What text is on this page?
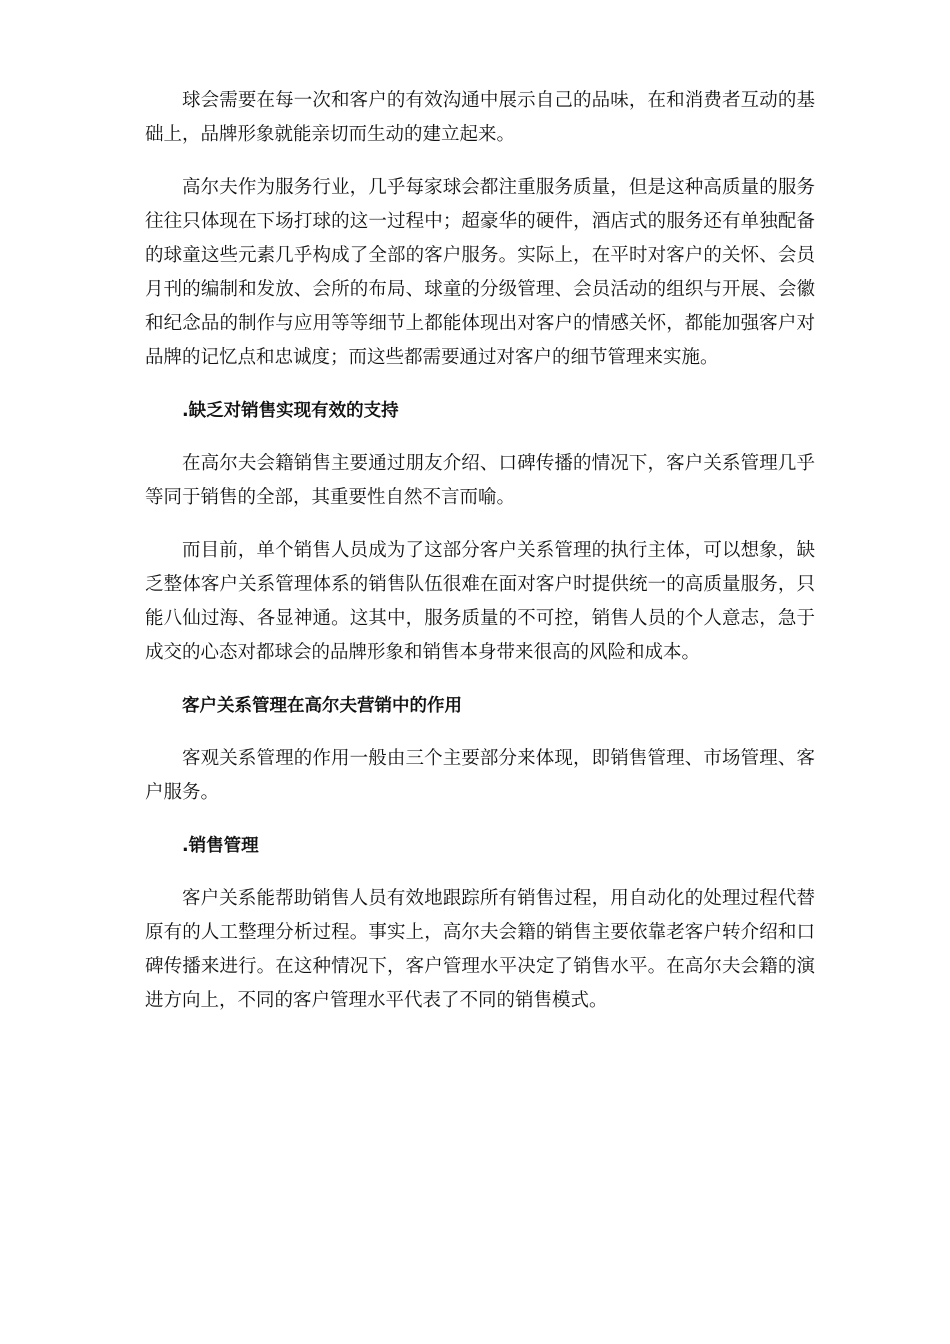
球会需要在每一次和客户的有效沟通中展示自己的品味，在和消费者互动的基础上，品牌形象就能亲切而生动的建立起来。

高尔夫作为服务行业，几乎每家球会都注重服务质量，但是这种高质量的服务往往只体现在下场打球的这一过程中；超豪华的硬件，酒店式的服务还有单独配备的球童这些元素几乎构成了全部的客户服务。实际上，在平时对客户的关怀、会员月刊的编制和发放、会所的布局、球童的分级管理、会员活动的组织与开展、会徽和纪念品的制作与应用等等细节上都能体现出对客户的情感关怀，都能加强客户对品牌的记忆点和忠诚度；而这些都需要通过对客户的细节管理来实施。

.缺乏对销售实现有效的支持

在高尔夫会籍销售主要通过朋友介绍、口碑传播的情况下，客户关系管理几乎等同于销售的全部，其重要性自然不言而喻。

而目前，单个销售人员成为了这部分客户关系管理的执行主体，可以想象，缺乏整体客户关系管理体系的销售队伍很难在面对客户时提供统一的高质量服务，只能八仙过海、各显神通。这其中，服务质量的不可控，销售人员的个人意志，急于成交的心态对都球会的品牌形象和销售本身带来很高的风险和成本。

客户关系管理在高尔夫营销中的作用

客观关系管理的作用一般由三个主要部分来体现，即销售管理、市场管理、客户服务。

.销售管理

客户关系能帮助销售人员有效地跟踪所有销售过程，用自动化的处理过程代替原有的人工整理分析过程。事实上，高尔夫会籍的销售主要依靠老客户转介绍和口碑传播来进行。在这种情况下，客户管理水平决定了销售水平。在高尔夫会籍的演进方向上，不同的客户管理水平代表了不同的销售模式。
